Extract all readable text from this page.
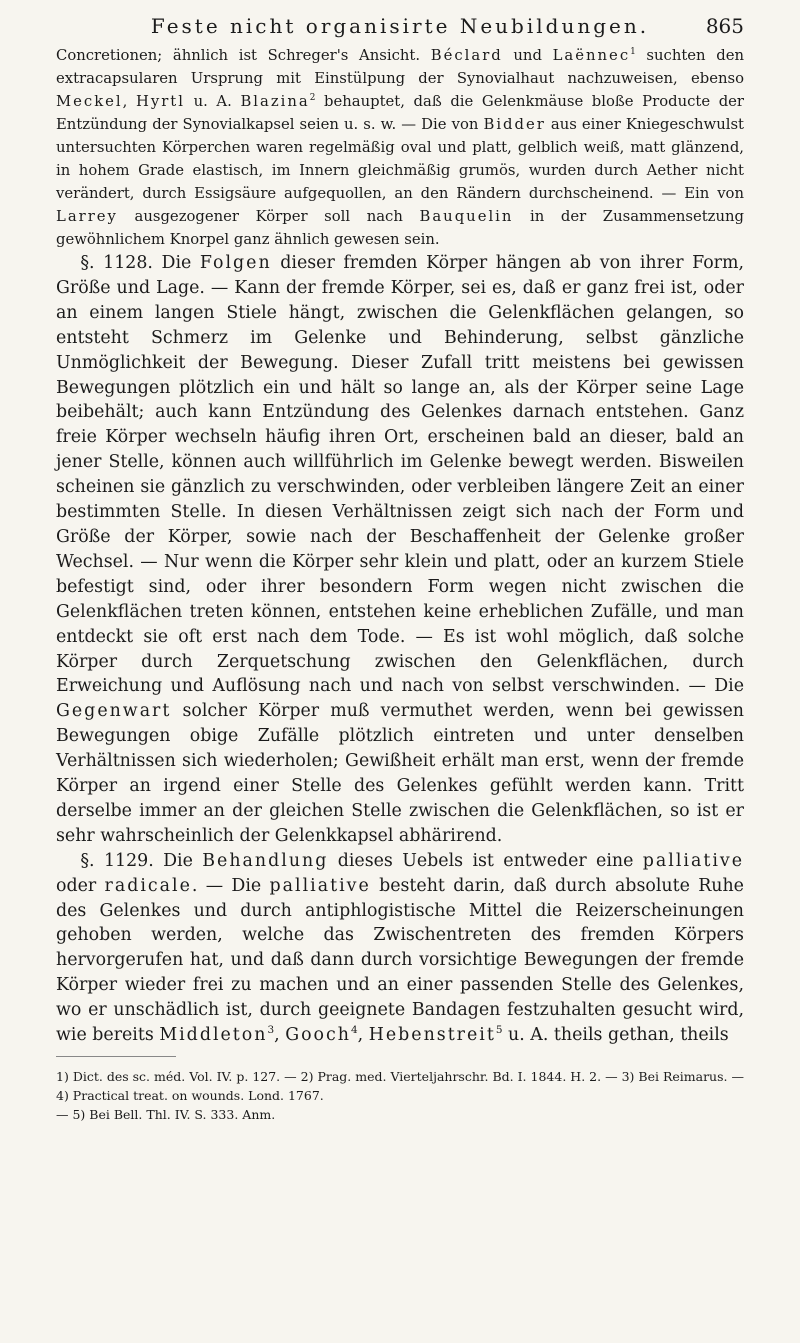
Feste nicht organisirte Neubildungen.	865

Concretionen; ähnlich ist Schreger's Ansicht. Béclard und Laënnec$^1$ suchten den extracapsularen Ursprung mit Einstülpung der Synovialhaut nachzuweisen, ebenso Meckel, Hyrtl u. A. Blazina$^2$ behauptet, daß die Gelenkmäuse bloße Producte der Entzündung der Synovialkapsel seien u. s. w. — Die von Bidder aus einer Kniegeschwulst untersuchten Körperchen waren regelmäßig oval und platt, gelblich weiß, matt glänzend, in hohem Grade elastisch, im Innern gleichmäßig grumös, wurden durch Aether nicht verändert, durch Essigsäure aufgequollen, an den Rändern durchscheinend. — Ein von Larrey ausgezogener Körper soll nach Bauquelin in der Zusammensetzung gewöhnlichem Knorpel ganz ähnlich gewesen sein.

§. 1128. Die Folgen dieser fremden Körper hängen ab von ihrer Form, Größe und Lage. — Kann der fremde Körper, sei es, daß er ganz frei ist, oder an einem langen Stiele hängt, zwischen die Gelenkflächen gelangen, so entsteht Schmerz im Gelenke und Behinderung, selbst gänzliche Unmöglichkeit der Bewegung. Dieser Zufall tritt meistens bei gewissen Bewegungen plötzlich ein und hält so lange an, als der Körper seine Lage beibehält; auch kann Entzündung des Gelenkes darnach entstehen. Ganz freie Körper wechseln häufig ihren Ort, erscheinen bald an dieser, bald an jener Stelle, können auch willführlich im Gelenke bewegt werden. Bisweilen scheinen sie gänzlich zu verschwinden, oder verbleiben längere Zeit an einer bestimmten Stelle. In diesen Verhältnissen zeigt sich nach der Form und Größe der Körper, sowie nach der Beschaffenheit der Gelenke großer Wechsel. — Nur wenn die Körper sehr klein und platt, oder an kurzem Stiele befestigt sind, oder ihrer besondern Form wegen nicht zwischen die Gelenkflächen treten können, entstehen keine erheblichen Zufälle, und man entdeckt sie oft erst nach dem Tode. — Es ist wohl möglich, daß solche Körper durch Zerquetschung zwischen den Gelenkflächen, durch Erweichung und Auflösung nach und nach von selbst verschwinden. — Die Gegenwart solcher Körper muß vermuthet werden, wenn bei gewissen Bewegungen obige Zufälle plötzlich eintreten und unter denselben Verhältnissen sich wiederholen; Gewißheit erhält man erst, wenn der fremde Körper an irgend einer Stelle des Gelenkes gefühlt werden kann. Tritt derselbe immer an der gleichen Stelle zwischen die Gelenkflächen, so ist er sehr wahrscheinlich der Gelenkkapsel abhärirend.

§. 1129. Die Behandlung dieses Uebels ist entweder eine palliative oder radicale. — Die palliative besteht darin, daß durch absolute Ruhe des Gelenkes und durch antiphlogistische Mittel die Reizerscheinungen gehoben werden, welche das Zwischentreten des fremden Körpers hervorgerufen hat, und daß dann durch vorsichtige Bewegungen der fremde Körper wieder frei zu machen und an einer passenden Stelle des Gelenkes, wo er unschädlich ist, durch geeignete Bandagen festzuhalten gesucht wird, wie bereits Middleton$^3$, Gooch$^4$, Hebenstreit$^5$ u. A. theils gethan, theils

1) Dict. des sc. méd. Vol. IV. p. 127. — 2) Prag. med. Vierteljahrschr. Bd. I. 1844. H. 2. — 3) Bei Reimarus. — 4) Practical treat. on wounds. Lond. 1767.

— 5) Bei Bell. Thl. IV. S. 333. Anm.
